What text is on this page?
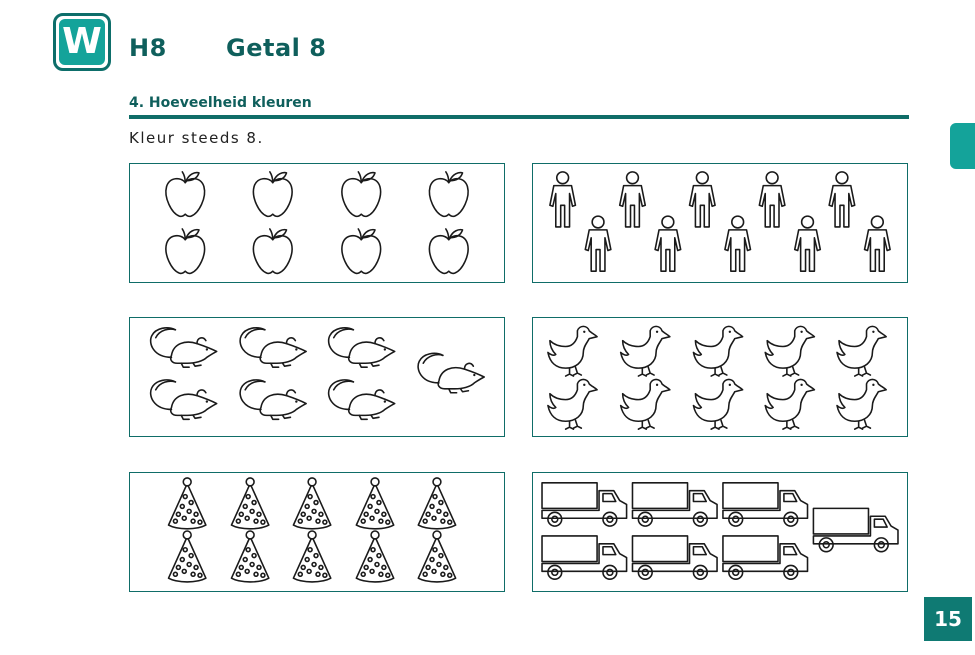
W H8 Getal 8
4. Hoeveelheid kleuren
Kleur steeds 8.
15
